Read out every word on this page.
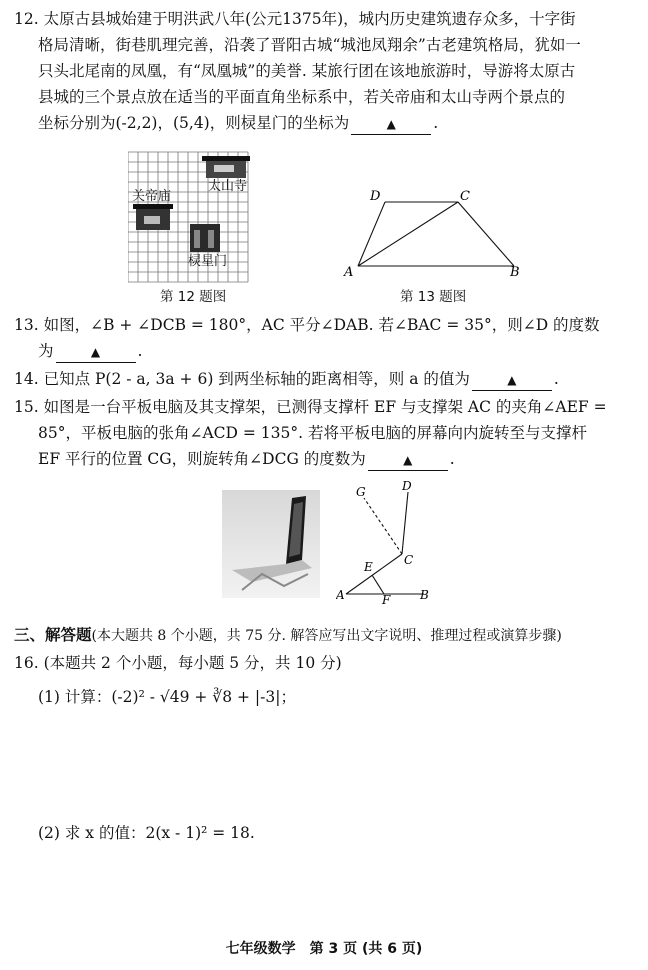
12. 太原古县城始建于明洪武八年(公元1375年)，城内历史建筑遗存众多，十字街
格局清晰，街巷肌理完善，沿袭了晋阳古城“城池凤翔余”古老建筑格局，犹如一
只头北尾南的凤凰，有“凤凰城”的美誉. 某旅行团在该地旅游时，导游将太原古
县城的三个景点放在适当的平面直角坐标系中，若关帝庙和太山寺两个景点的
坐标分别为(-2,2)，(5,4)，则棂星门的坐标为	▲ .
关帝庙
太山寺
棂星门
第 12 题图
D	C
A	B
第 13 题图
13. 如图，∠B + ∠DCB = 180°，AC 平分∠DAB. 若∠BAC = 35°，则∠D 的度数
为	▲ .
14. 已知点 P(2 - a, 3a + 6) 到两坐标轴的距离相等，则 a 的值为	▲ .
15. 如图是一台平板电脑及其支撑架，已测得支撑杆 EF 与支撑架 AC 的夹角∠AEF =
85°，平板电脑的张角∠ACD = 135°. 若将平板电脑的屏幕向内旋转至与支撑杆
EF 平行的位置 CG，则旋转角∠DCG 的度数为	▲ .
G	D
E	C
A	F B
三、解答题(本大题共 8 个小题，共 75 分. 解答应写出文字说明、推理过程或演算步骤)
16. (本题共 2 个小题，每小题 5 分，共 10 分)
(1) 计算：(-2)² - √49 + ∛8 + |-3|；
(2) 求 x 的值：2(x - 1)² = 18.
七年级数学　第 3 页 (共 6 页)
